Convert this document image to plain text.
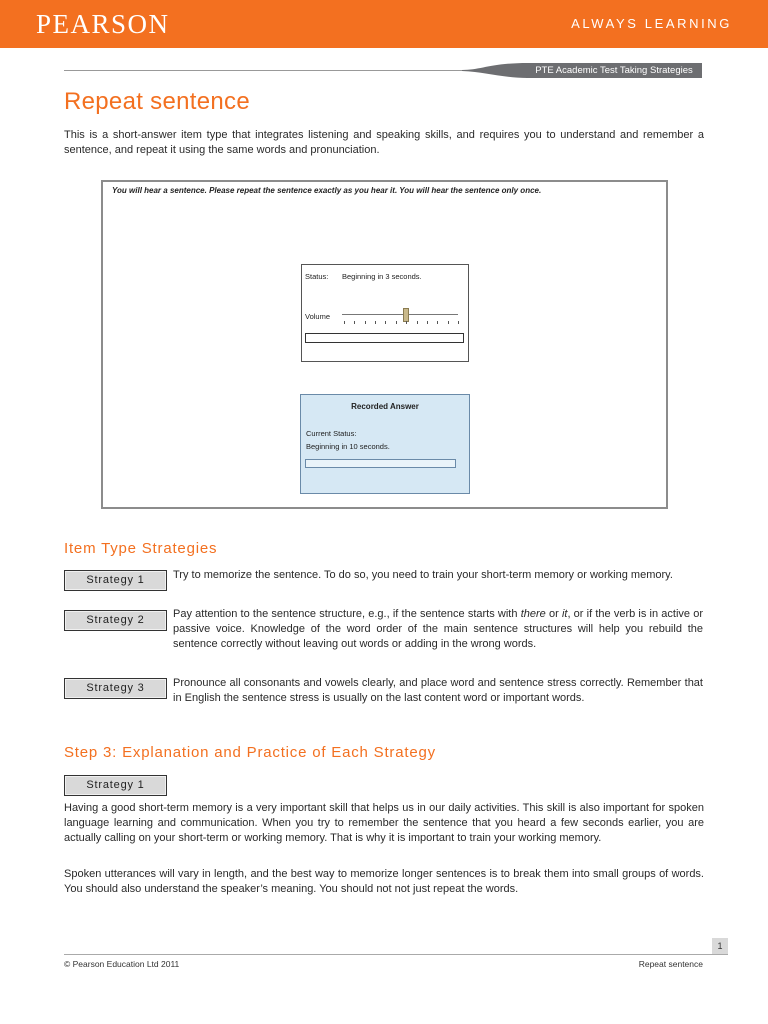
PEARSON	ALWAYS LEARNING
PTE Academic Test Taking Strategies
Repeat sentence

This is a short-answer item type that integrates listening and speaking skills, and requires you to understand and remember a sentence, and repeat it using the same words and pronunciation.

You will hear a sentence. Please repeat the sentence exactly as you hear it. You will hear the sentence only once.
Status: Beginning in 3 seconds.
Volume
Recorded Answer
Current Status:
Beginning in 10 seconds.
Item Type Strategies
Strategy 1	Try to memorize the sentence. To do so, you need to train your short-term memory or working memory.

Strategy 2	Pay attention to the sentence structure, e.g., if the sentence starts with there or it, or if the verb is in active or passive voice. Knowledge of the word order of the main sentence structures will help you rebuild the sentence correctly without leaving out words or adding in the wrong words.

Strategy 3	Pronounce all consonants and vowels clearly, and place word and sentence stress correctly. Remember that in English the sentence stress is usually on the last content word or important words.

Step 3: Explanation and Practice of Each Strategy
Strategy 1

Having a good short-term memory is a very important skill that helps us in our daily activities. This skill is also important for spoken language learning and communication. When you try to remember the sentence that you heard a few seconds earlier, you are actually calling on your short-term or working memory. That is why it is important to train your working memory.

Spoken utterances will vary in length, and the best way to memorize longer sentences is to break them into small groups of words. You should also understand the speaker’s meaning. You should not not just repeat the words.

1
© Pearson Education Ltd 2011	Repeat sentence
